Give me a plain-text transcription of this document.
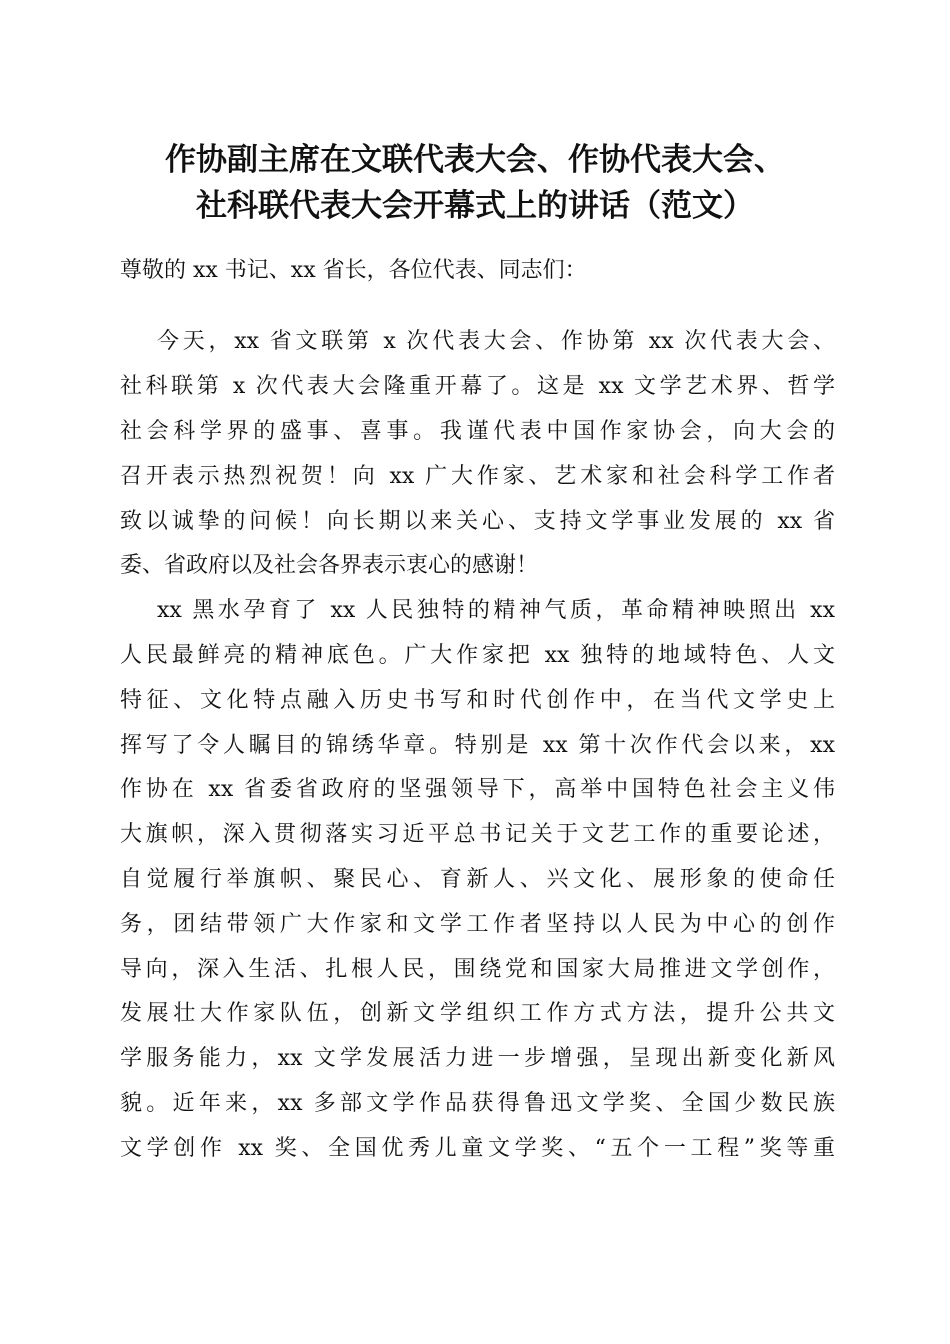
作协副主席在文联代表大会、作协代表大会、
社科联代表大会开幕式上的讲话（范文）
尊敬的 xx 书记、xx 省长，各位代表、同志们：
今天，xx 省文联第 x 次代表大会、作协第 xx 次代表大会、
社科联第 x 次代表大会隆重开幕了。这是 xx 文学艺术界、哲学
社会科学界的盛事、喜事。我谨代表中国作家协会，向大会的
召开表示热烈祝贺！向 xx 广大作家、艺术家和社会科学工作者
致以诚挚的问候！向长期以来关心、支持文学事业发展的 xx 省
委、省政府以及社会各界表示衷心的感谢！
xx 黑水孕育了 xx 人民独特的精神气质，革命精神映照出 xx
人民最鲜亮的精神底色。广大作家把 xx 独特的地域特色、人文
特征、文化特点融入历史书写和时代创作中，在当代文学史上
挥写了令人瞩目的锦绣华章。特别是 xx 第十次作代会以来，xx
作协在 xx 省委省政府的坚强领导下，高举中国特色社会主义伟
大旗帜，深入贯彻落实习近平总书记关于文艺工作的重要论述，
自觉履行举旗帜、聚民心、育新人、兴文化、展形象的使命任
务，团结带领广大作家和文学工作者坚持以人民为中心的创作
导向，深入生活、扎根人民，围绕党和国家大局推进文学创作，
发展壮大作家队伍，创新文学组织工作方式方法，提升公共文
学服务能力，xx 文学发展活力进一步增强，呈现出新变化新风
貌。近年来，xx 多部文学作品获得鲁迅文学奖、全国少数民族
文学创作 xx 奖、全国优秀儿童文学奖、“五个一工程”奖等重
